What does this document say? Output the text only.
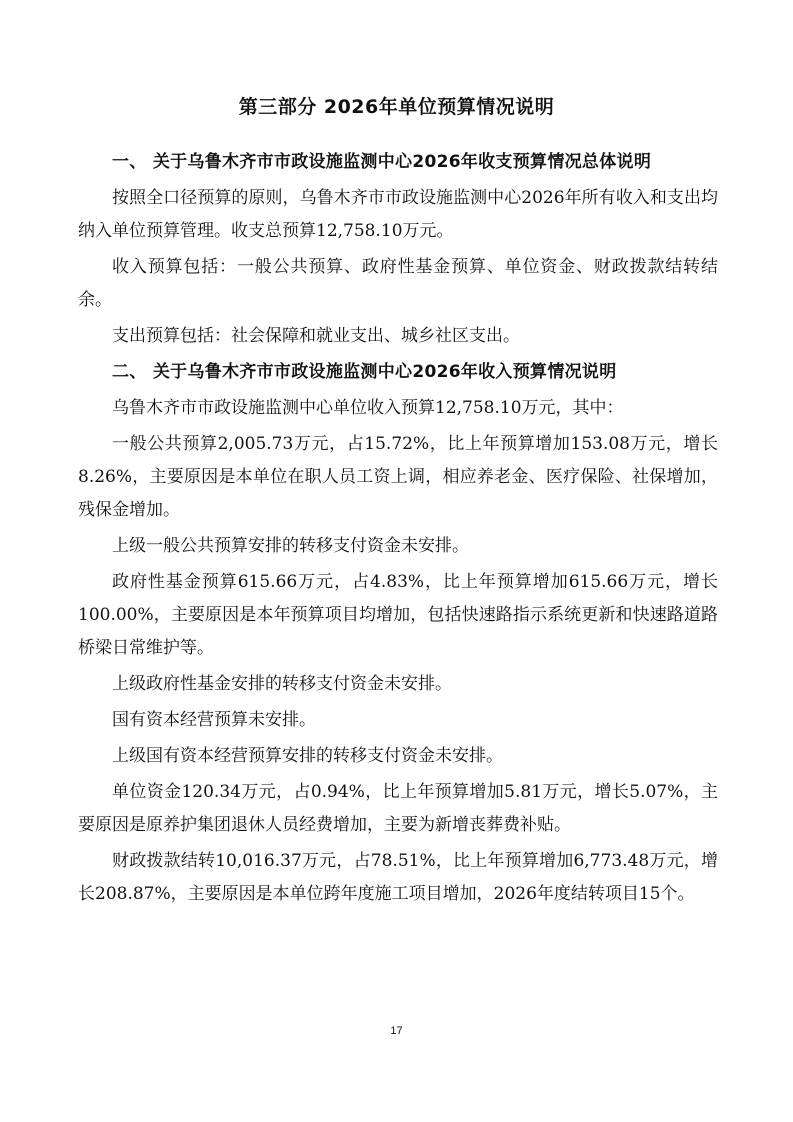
第三部分 2026年单位预算情况说明

一、 关于乌鲁木齐市市政设施监测中心2026年收支预算情况总体说明

按照全口径预算的原则，乌鲁木齐市市政设施监测中心2026年所有收入和支出均纳入单位预算管理。收支总预算12,758.10万元。

收入预算包括：一般公共预算、政府性基金预算、单位资金、财政拨款结转结余。

支出预算包括：社会保障和就业支出、城乡社区支出。

二、 关于乌鲁木齐市市政设施监测中心2026年收入预算情况说明

乌鲁木齐市市政设施监测中心单位收入预算12,758.10万元，其中：

一般公共预算2,005.73万元，占15.72%，比上年预算增加153.08万元，增长8.26%，主要原因是本单位在职人员工资上调，相应养老金、医疗保险、社保增加，残保金增加。

上级一般公共预算安排的转移支付资金未安排。

政府性基金预算615.66万元，占4.83%，比上年预算增加615.66万元，增长100.00%，主要原因是本年预算项目均增加，包括快速路指示系统更新和快速路道路桥梁日常维护等。

上级政府性基金安排的转移支付资金未安排。

国有资本经营预算未安排。

上级国有资本经营预算安排的转移支付资金未安排。

单位资金120.34万元，占0.94%，比上年预算增加5.81万元，增长5.07%，主要原因是原养护集团退休人员经费增加，主要为新增丧葬费补贴。

财政拨款结转10,016.37万元，占78.51%，比上年预算增加6,773.48万元，增长208.87%，主要原因是本单位跨年度施工项目增加，2026年度结转项目15个。

17
